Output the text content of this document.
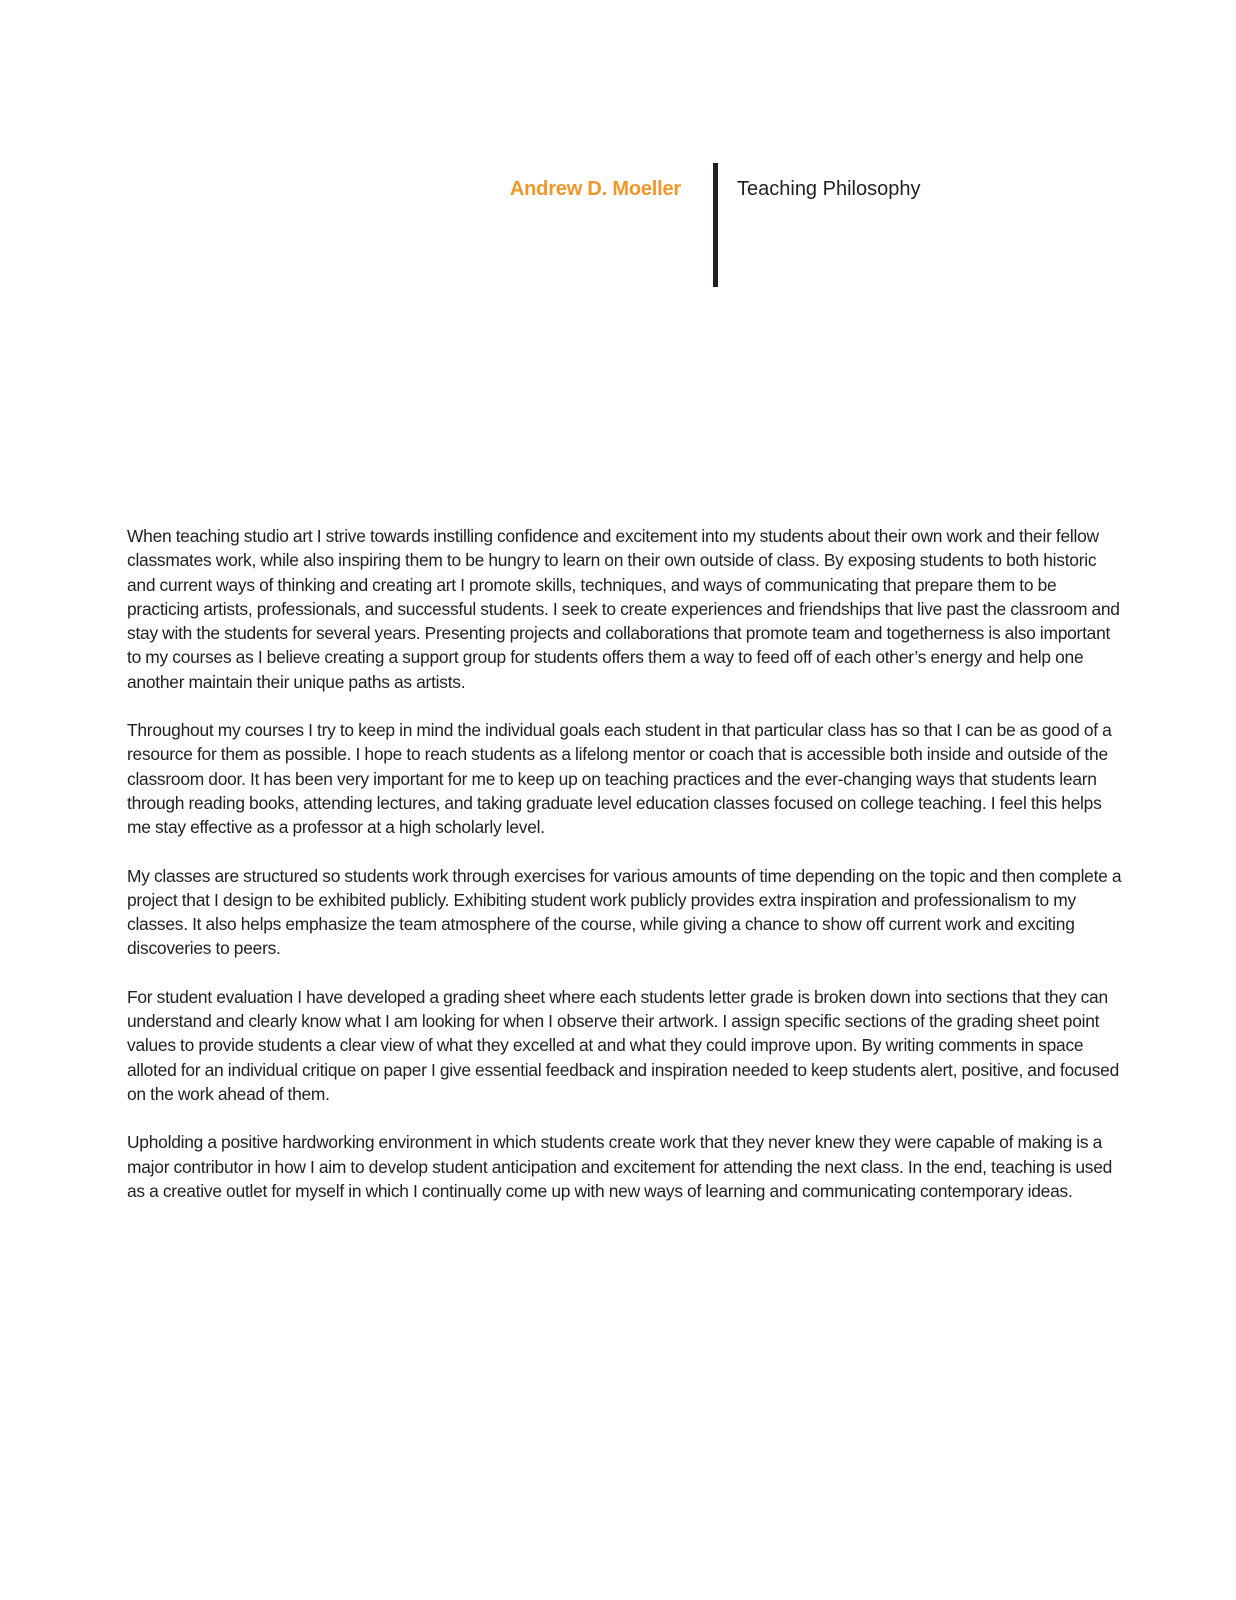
Andrew D. Moeller	Teaching Philosophy

When teaching studio art I strive towards instilling confidence and excitement into my students about their own work and their fellow classmates work, while also inspiring them to be hungry to learn on their own outside of class. By exposing students to both historic and current ways of thinking and creating art I promote skills, techniques, and ways of communicating that prepare them to be practicing artists, professionals, and successful students. I seek to create experiences and friendships that live past the classroom and stay with the students for several years. Presenting projects and collaborations that promote team and togetherness is also important to my courses as I believe creating a support group for students offers them a way to feed off of each other’s energy and help one another maintain their unique paths as artists.

Throughout my courses I try to keep in mind the individual goals each student in that particular class has so that I can be as good of a resource for them as possible. I hope to reach students as a lifelong mentor or coach that is accessible both inside and outside of the classroom door. It has been very important for me to keep up on teaching practices and the ever-changing ways that students learn through reading books, attending lectures, and taking graduate level education classes focused on college teaching. I feel this helps me stay effective as a professor at a high scholarly level.

My classes are structured so students work through exercises for various amounts of time depending on the topic and then complete a project that I design to be exhibited publicly. Exhibiting student work publicly provides extra inspiration and professionalism to my classes. It also helps emphasize the team atmosphere of the course, while giving a chance to show off current work and exciting discoveries to peers.

For student evaluation I have developed a grading sheet where each students letter grade is broken down into sections that they can understand and clearly know what I am looking for when I observe their artwork. I assign specific sections of the grading sheet point values to provide students a clear view of what they excelled at and what they could improve upon. By writing comments in space alloted for an individual critique on paper I give essential feedback and inspiration needed to keep students alert, positive, and focused on the work ahead of them.

Upholding a positive hardworking environment in which students create work that they never knew they were capable of making is a major contributor in how I aim to develop student anticipation and excitement for attending the next class. In the end, teaching is used as a creative outlet for myself in which I continually come up with new ways of learning and communicating contemporary ideas.
